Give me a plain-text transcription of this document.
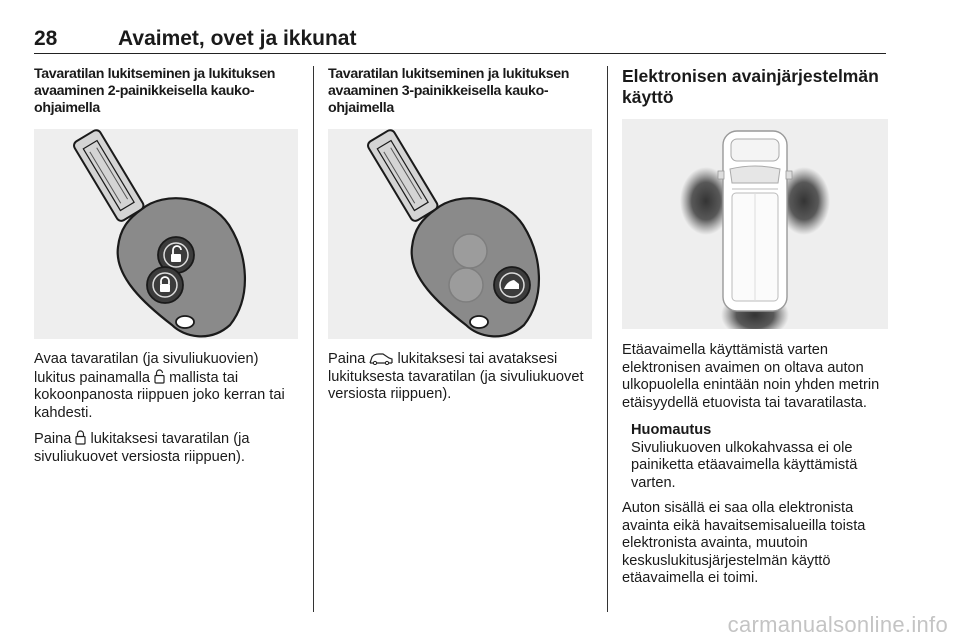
28	Avaimet, ovet ja ikkunat
Tavaratilan lukitseminen ja lukituksen avaaminen 2-painikkeisella kauko-ohjaimella

Avaa tavaratilan (ja sivuliukuovien) lukitus painamalla mallista tai kokoonpanosta riippuen joko kerran tai kahdesti.

Paina lukitaksesi tavaratilan (ja sivuliukuovet versiosta riippuen).

Tavaratilan lukitseminen ja lukituksen avaaminen 3-painikkeisella kauko-ohjaimella

Paina lukitaksesi tai avataksesi lukituksesta tavaratilan (ja sivuliukuovet versiosta riippuen).

Elektronisen avainjärjestelmän käyttö

Etäavaimella käyttämistä varten elektronisen avaimen on oltava auton ulkopuolella enintään noin yhden metrin etäisyydellä etuovista tai tavaratilasta.

Huomautus

Sivuliukuoven ulkokahvassa ei ole painiketta etäavaimella käyttämistä varten.

Auton sisällä ei saa olla elektronista avainta eikä havaitsemisalueilla toista elektronista avainta, muutoin keskuslukitusjärjestelmän käyttö etäavaimella ei toimi.

carmanualsonline.info
